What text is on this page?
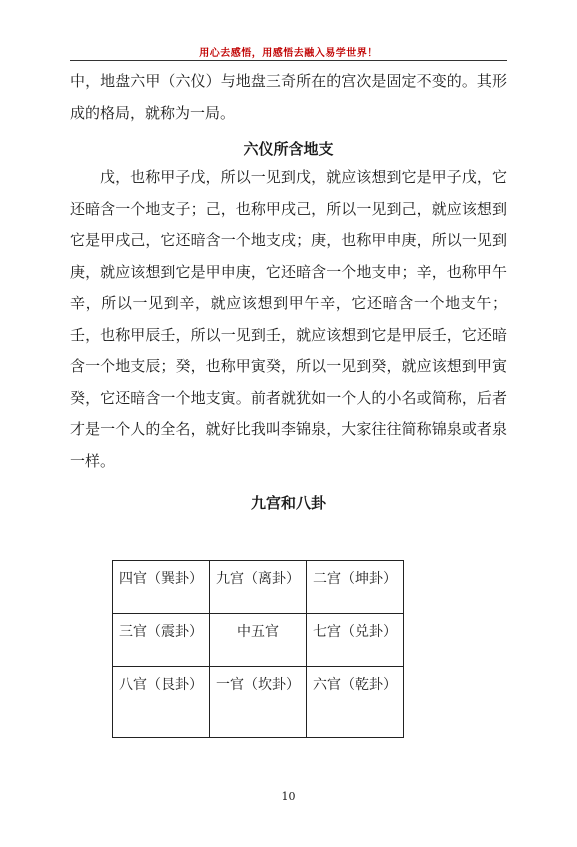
用心去感悟，用感悟去融入易学世界！

中，地盘六甲（六仪）与地盘三奇所在的宫次是固定不变的。其形成的格局，就称为一局。

六仪所含地支

戊，也称甲子戊，所以一见到戊，就应该想到它是甲子戊，它还暗含一个地支子；己，也称甲戌己，所以一见到己，就应该想到它是甲戌己，它还暗含一个地支戌；庚，也称甲申庚，所以一见到庚，就应该想到它是甲申庚，它还暗含一个地支申；辛，也称甲午辛，所以一见到辛，就应该想到甲午辛，它还暗含一个地支午；壬，也称甲辰壬，所以一见到壬，就应该想到它是甲辰壬，它还暗含一个地支辰；癸，也称甲寅癸，所以一见到癸，就应该想到甲寅癸，它还暗含一个地支寅。前者就犹如一个人的小名或简称，后者才是一个人的全名，就好比我叫李锦泉，大家往往简称锦泉或者泉一样。

九宫和八卦
四官（巽卦）	九宫（离卦）	二宫（坤卦）
三官（震卦）	中五官	七宫（兑卦）
八官（艮卦）	一官（坎卦）	六官（乾卦）
10
